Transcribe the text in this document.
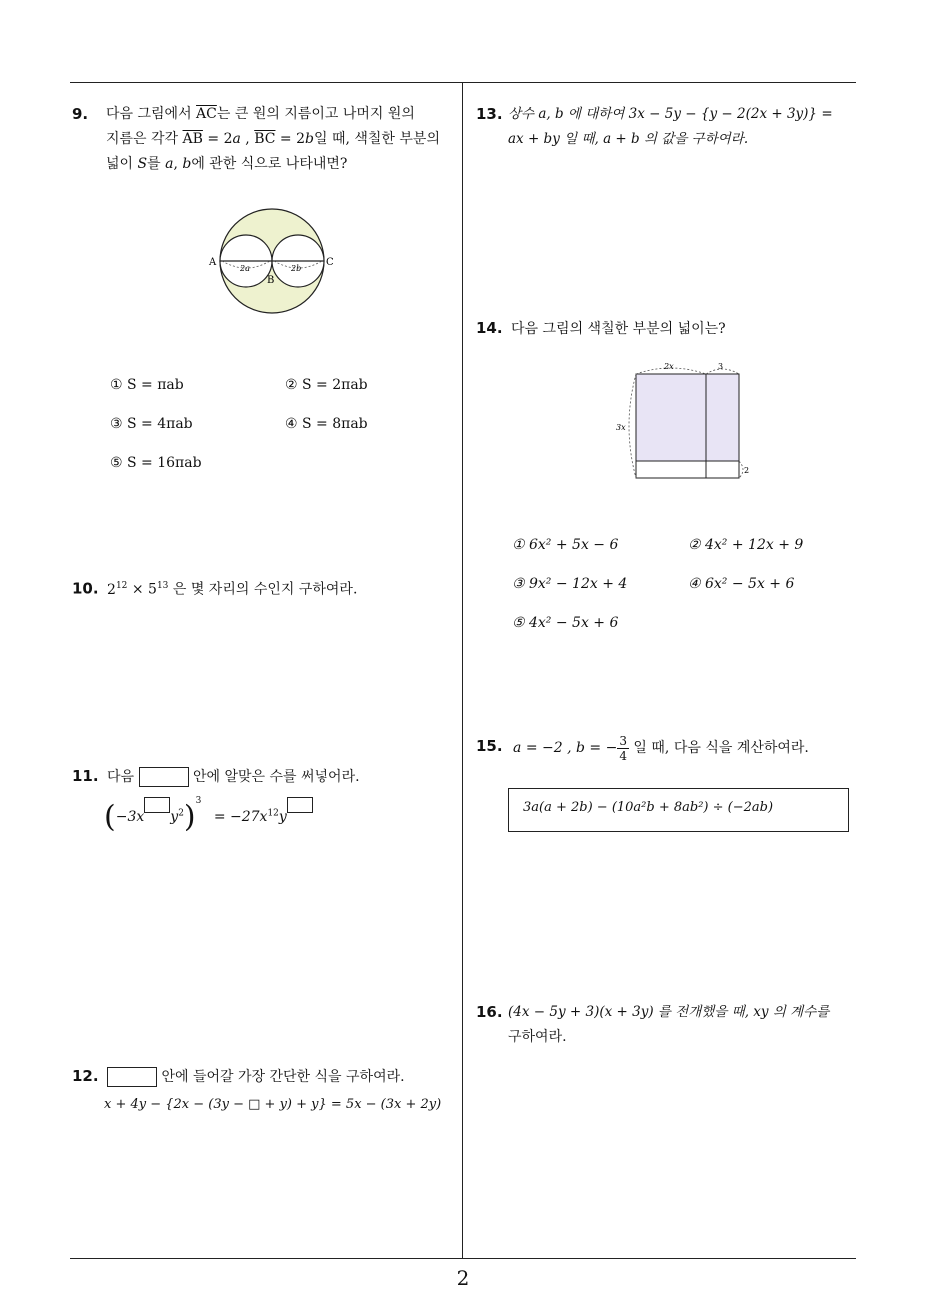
9. 다음 그림에서 $\overline{AC}$는 큰 원의 지름이고 나머지 원의
지름은 각각 $\overline{AB} = 2a$ , $\overline{BC} = 2b$일 때, 색칠한 부분의
넓이 S를 a, b에 관한 식으로 나타내면?
A
B
C
2a	2b
① S = πab	② S = 2πab
③ S = 4πab	④ S = 8πab
⑤ S = 16πab
10. $2^{12} \times 5^{13}$ 은 몇 자리의 수인지 구하여라.
11. 다음	안에 알맞은 수를 써넣어라.
(−3x $y^2)^3 = -27x^{12}y$
12.	안에 들어갈 가장 간단한 식을 구하여라.
x + 4y − {2x − (3y − □ + y) + y} = 5x − (3x + 2y)
13. 상수 a, b 에 대하여 3x − 5y − {y − 2(2x + 3y)} =
ax + by 일 때, a + b 의 값을 구하여라.
14. 다음 그림의 색칠한 부분의 넓이는?
2x	3
3x
2
① 6x² + 5x − 6	② 4x² + 12x + 9
③ 9x² − 12x + 4	④ 6x² − 5x + 6
⑤ 4x² − 5x + 6
15. a = −2 , b = − $\frac{3}{4}$ 일 때, 다음 식을 계산하여라.
3a(a + 2b) − (10a²b + 8ab²) ÷ (−2ab)
16. (4x − 5y + 3)(x + 3y) 를 전개했을 때, xy 의 계수를
구하여라.
2
